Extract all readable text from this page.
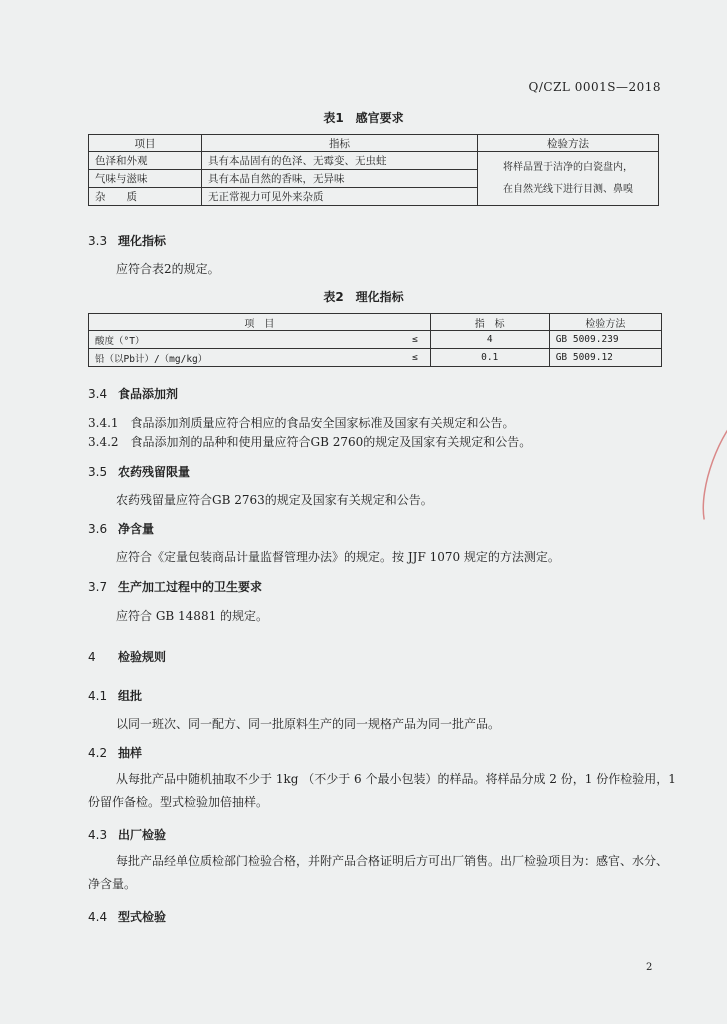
Q/CZL 0001S—2018
表1　感官要求
项目	指标	检验方法
色泽和外观	具有本品固有的色泽、无霉变、无虫蛀	将样品置于洁净的白瓷盘内，
在自然光线下进行目测、鼻嗅

气味与滋味	具有本品自然的香味，无异味	
杂　　质	无正常视力可见外来杂质	
3.3 理化指标
应符合表2的规定。
表2　理化指标
项　目		指　标	检验方法
酸度（°T）	≤	4	GB 5009.239
铅（以Pb计）/（mg/kg）	≤	0.1	GB 5009.12
3.4 食品添加剂
3.4.1　食品添加剂质量应符合相应的食品安全国家标准及国家有关规定和公告。
3.4.2　食品添加剂的品种和使用量应符合GB 2760的规定及国家有关规定和公告。
3.5 农药残留限量
农药残留量应符合GB 2763的规定及国家有关规定和公告。
3.6 净含量
应符合《定量包装商品计量监督管理办法》的规定。按 JJF 1070 规定的方法测定。
3.7 生产加工过程中的卫生要求
应符合 GB 14881 的规定。
4 检验规则
4.1 组批
以同一班次、同一配方、同一批原料生产的同一规格产品为同一批产品。
4.2 抽样
从每批产品中随机抽取不少于 1kg （不少于 6 个最小包装）的样品。将样品分成 2 份，1 份作检验用，1 份留作备检。型式检验加倍抽样。
4.3 出厂检验
每批产品经单位质检部门检验合格，并附产品合格证明后方可出厂销售。出厂检验项目为：感官、水分、净含量。
4.4 型式检验
2
